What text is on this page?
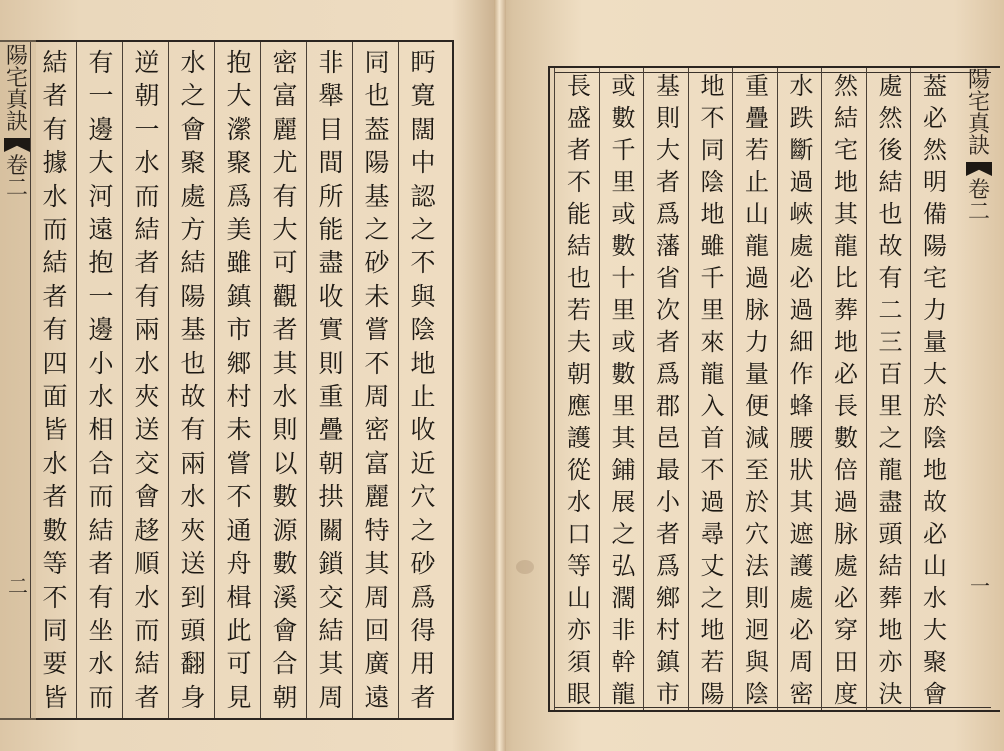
陽
宅
真
訣
卷
二
二
眄
寛
闊
中
認
之
不
與
陰
地
止
收
近
穴
之
砂
爲
得
用
者
同
也
葢
陽
基
之
砂
未
嘗
不
周
密
富
麗
特
其
周
回
廣
遠
非
舉
目
間
所
能
盡
收
實
則
重
疊
朝
拱
關
鎖
交
結
其
周
密
富
麗
尤
有
大
可
觀
者
其
水
則
以
數
源
數
溪
會
合
朝
抱
大
瀠
聚
爲
美
雖
鎮
市
郷
村
未
嘗
不
通
舟
楫
此
可
見
水
之
會
聚
處
方
結
陽
基
也
故
有
兩
水
夾
送
到
頭
翻
身
逆
朝
一
水
而
結
者
有
兩
水
夾
送
交
會
趍
順
水
而
結
者
有
一
邊
大
河
遠
抱
一
邊
小
水
相
合
而
結
者
有
坐
水
而
結
者
有
據
水
而
結
者
有
四
面
皆
水
者
數
等
不
同
要
皆
陽
宅
真
訣
卷
二
一
葢
必
然
明
備
陽
宅
力
量
大
於
陰
地
故
必
山
水
大
聚
會
處
然
後
結
也
故
有
二
三
百
里
之
龍
盡
頭
結
葬
地
亦
決
然
結
宅
地
其
龍
比
葬
地
必
長
數
倍
過
脉
處
必
穿
田
度
水
跌
斷
過
峽
處
必
過
細
作
蜂
腰
狀
其
遮
護
處
必
周
密
重
疊
若
止
山
龍
過
脉
力
量
便
減
至
於
穴
法
則
迥
與
陰
地
不
同
陰
地
雖
千
里
來
龍
入
首
不
過
尋
丈
之
地
若
陽
基
則
大
者
爲
藩
省
次
者
爲
郡
邑
最
小
者
爲
鄉
村
鎮
市
或
數
千
里
或
數
十
里
或
數
里
其
鋪
展
之
弘
濶
非
幹
龍
長
盛
者
不
能
結
也
若
夫
朝
應
護
從
水
口
等
山
亦
須
眼
